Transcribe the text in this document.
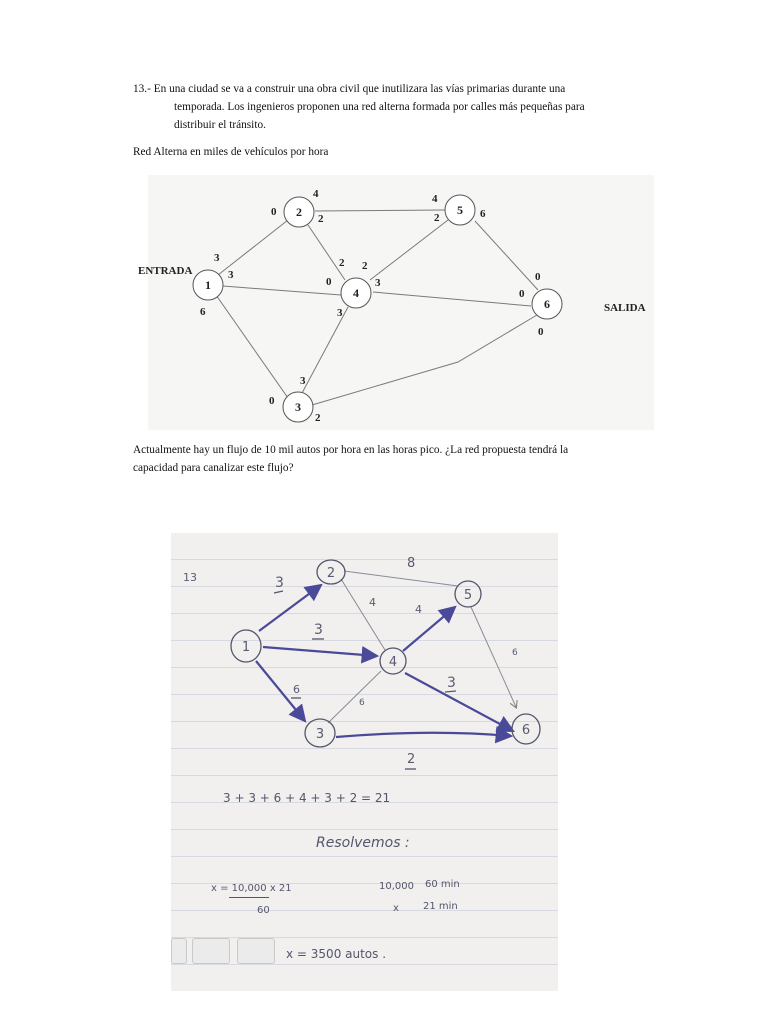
13.- En una ciudad se va a construir una obra civil que inutilizara las vías primarias durante una
temporada. Los ingenieros proponen una red alterna formada por calles más pequeñas para
distribuir el tránsito.
Red Alterna en miles de vehículos por hora
1
2
3
4
5
6
ENTRADA
SALIDA
4
0
2
4
2	6
3
3
6
2 2
0	3
3
0
0
0
3
0
2
Actualmente hay un flujo de 10 mil autos por hora en las horas pico. ¿La red propuesta tendrá la
capacidad para canalizar este flujo?
1
2
3
4
5
6
13	3
8
4
3
4
6
6	3
6
2
3 + 3 + 6 + 4 + 3 + 2 = 21
Resolvemos :
x = 10,000 x 21
60
10,000 60 min
x 21 min
x = 3500 autos .
